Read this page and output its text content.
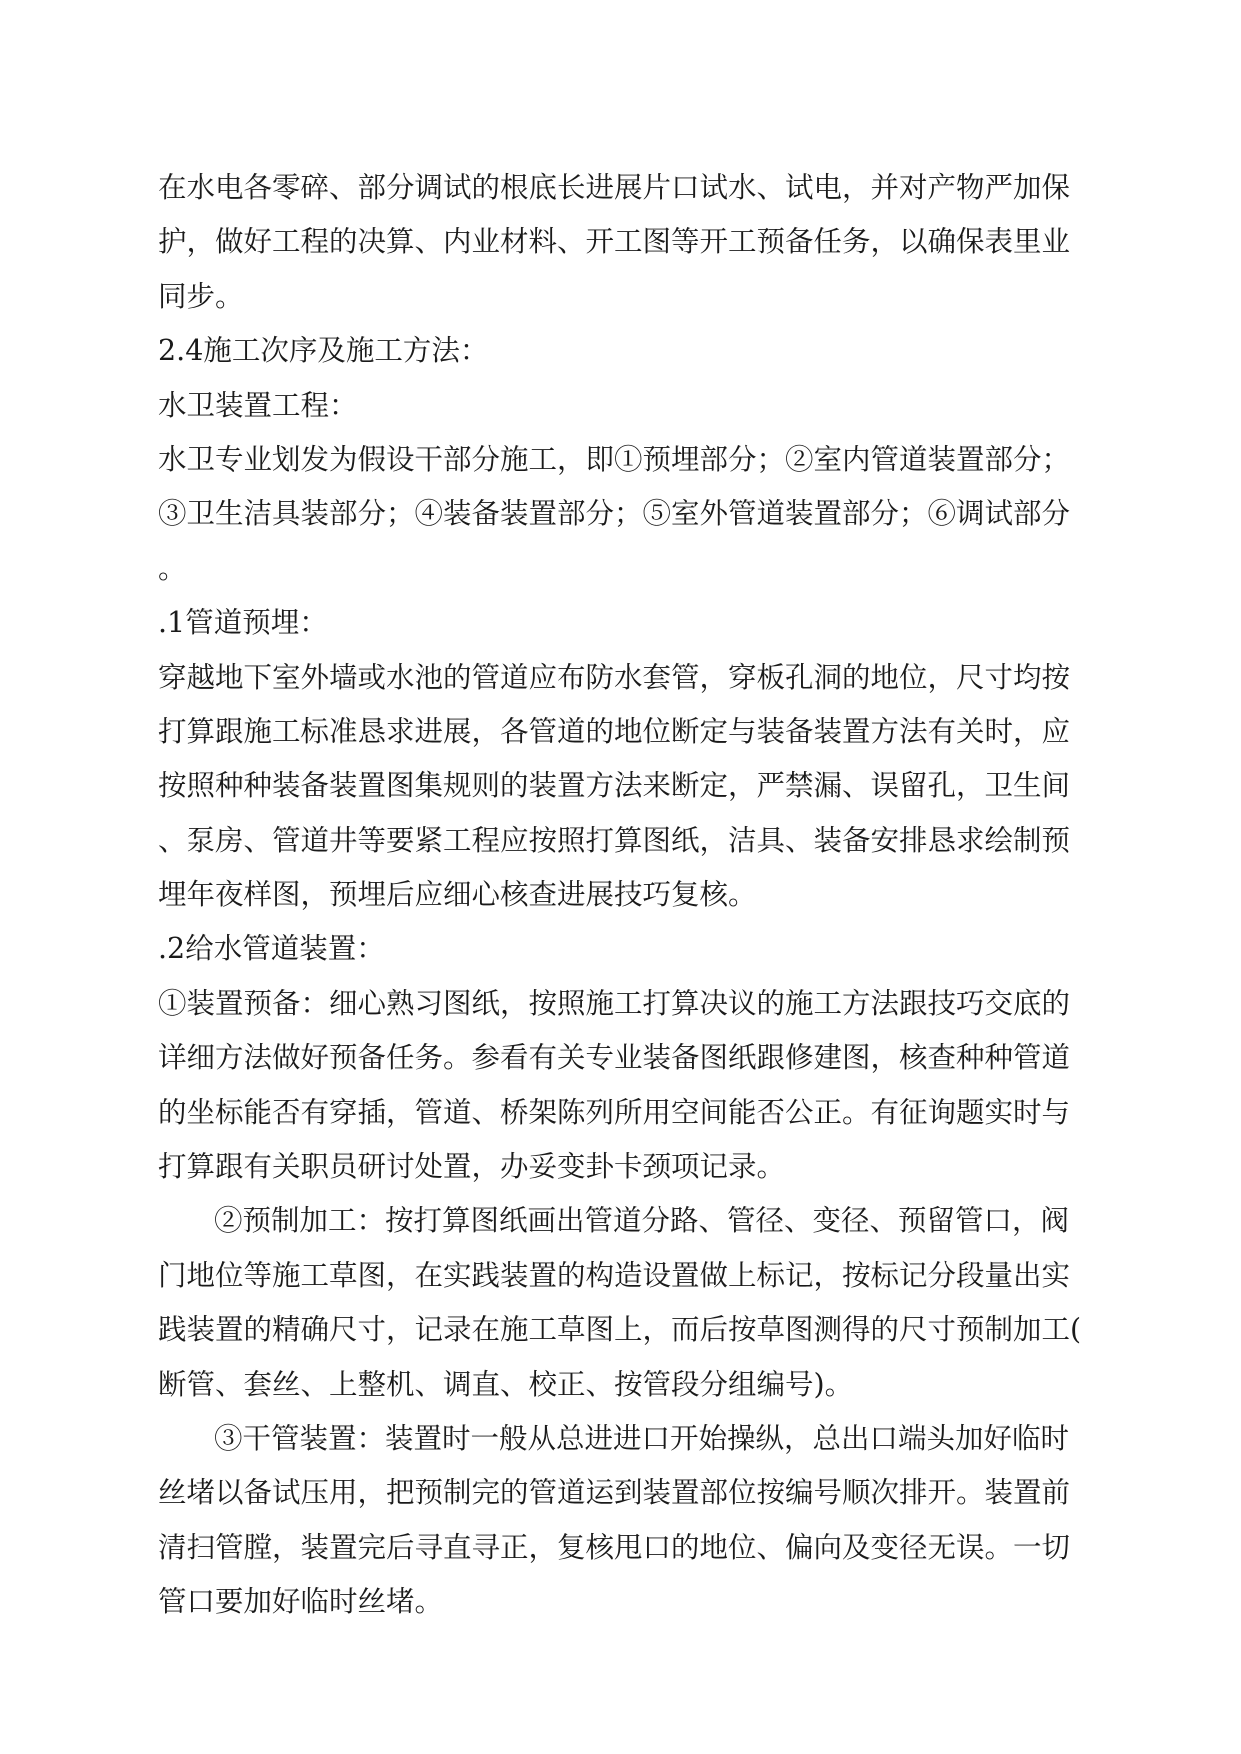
在水电各零碎、部分调试的根底长进展片口试水、试电，并对产物严加保
护，做好工程的决算、内业材料、开工图等开工预备任务，以确保表里业
同步。
2.4施工次序及施工方法：
水卫装置工程：
水卫专业划发为假设干部分施工，即①预埋部分；②室内管道装置部分；
③卫生洁具装部分；④装备装置部分；⑤室外管道装置部分；⑥调试部分
。
.1管道预埋：
穿越地下室外墙或水池的管道应布防水套管，穿板孔洞的地位，尺寸均按
打算跟施工标准恳求进展，各管道的地位断定与装备装置方法有关时，应
按照种种装备装置图集规则的装置方法来断定，严禁漏、误留孔，卫生间
、泵房、管道井等要紧工程应按照打算图纸，洁具、装备安排恳求绘制预
埋年夜样图，预埋后应细心核查进展技巧复核。
.2给水管道装置：
①装置预备：细心熟习图纸，按照施工打算决议的施工方法跟技巧交底的
详细方法做好预备任务。参看有关专业装备图纸跟修建图，核查种种管道
的坐标能否有穿插，管道、桥架陈列所用空间能否公正。有征询题实时与
打算跟有关职员研讨处置，办妥变卦卡颈项记录。
②预制加工：按打算图纸画出管道分路、管径、变径、预留管口，阀
门地位等施工草图，在实践装置的构造设置做上标记，按标记分段量出实
践装置的精确尺寸，记录在施工草图上，而后按草图测得的尺寸预制加工(
断管、套丝、上整机、调直、校正、按管段分组编号)。
③干管装置：装置时一般从总进进口开始操纵，总出口端头加好临时
丝堵以备试压用，把预制完的管道运到装置部位按编号顺次排开。装置前
清扫管膛，装置完后寻直寻正，复核甩口的地位、偏向及变径无误。一切
管口要加好临时丝堵。
